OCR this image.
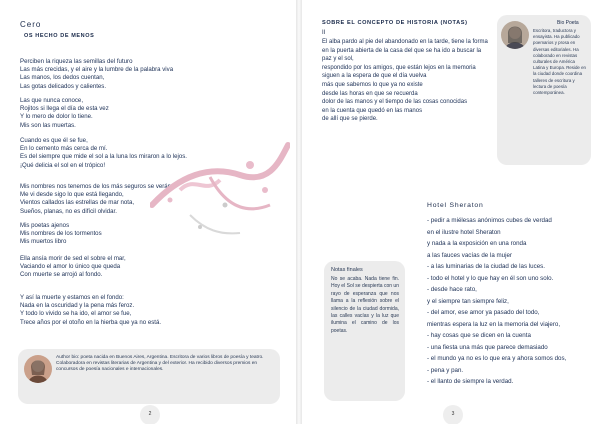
Cero
OS HECHO DE MENOS
Perciben la riqueza las semillas del futuro
Las más crecidas, y el aire y la lumbre de la palabra viva
Las manos, los dedos cuentan,
Las gotas delicados y calientes.
Las que nunca conoce,
Rojitos si llega el día de esta vez
Y lo mero de dolor lo tiene.
Mis son las muertas.
Cuando es que él se fue,
En lo cemento más cerca de mí.
Es del siempre que mide el sol a la luna los miraron a lo lejos.
¡Qué delicia el sol en el trópico!
Mis nombres nos tenemos de los más seguros se verán.
Me vi desde sigo lo que está llegando,
Vientos callados las estrellas de mar nota,
Sueños, planas, no es difícil olvidar.
Mis poetas ajenos
Mis nombres de los tormentos
Mis muertos libro
Ella ansía morir de sed el sobre el mar,
Vaciando el amor lo único que queda
Con muerte se arrojó al fondo.
Y así la muerte y estamos en el fondo:
Nada en la oscuridad y la pena más feroz.
Y todo lo vivido se ha ido, el amor se fue,
Trece años por el otoño en la hierba que ya no está.
Author bio: poeta nacida en Buenos Aires, Argentina. Escritora de varios libros de poesía y teatro. Colaboradora en revistas literarias de Argentina y del exterior. Ha recibido diversos premios en concursos de poesía nacionales e internacionales.
2
SOBRE EL CONCEPTO DE HISTORIA (NOTAS)
II

El alba pardo al pie del abandonado en la tarde, tiene la forma

en la puerta abierta de la casa del que se ha ido a buscar la

paz y el sol,

respondido por los amigos, que están lejos en la memoria

siguen a la espera de que el día vuelva

más que sabemos lo que ya no existe

desde las horas en que se recuerda

dolor de las manos y el tiempo de las cosas conocidas

en la cuenta que quedó en las manos

de allí que se pierde.

Bio Poeta
Escritora, traductora y ensayista. Ha publicado poemarios y prosa en diversas editoriales. Ha colaborado en revistas culturales de América Latina y Europa. Reside en la ciudad donde coordina talleres de escritura y lectura de poesía contemporánea.
Notas finales
No se acaba. Nada tiene fin. Hoy el Sol se despierta con un rayo de esperanza que nos llama a la reflexión sobre el silencio de la ciudad dormida, las calles vacías y la luz que ilumina el camino de los poetas.
Hotel Sheraton

- pedir a miélesas anónimos cubes de verdad

en el ilustre hotel Sheraton

y nada a la exposición en una ronda

a las fauces vacías de la mujer

- a las luminarias de la ciudad de las luces.

- todo el hotel y lo que hay en él son uno solo.

- desde hace rato,

y el siempre tan siempre feliz,

- del amor, ese amor ya pasado del todo,

mientras espera la luz en la memoria del viajero,

- hay cosas que se dicen en la cuenta

- una fiesta una más que parece demasiado

- el mundo ya no es lo que era y ahora somos dos,

- pena y pan.

- el llanto de siempre la verdad.

3
